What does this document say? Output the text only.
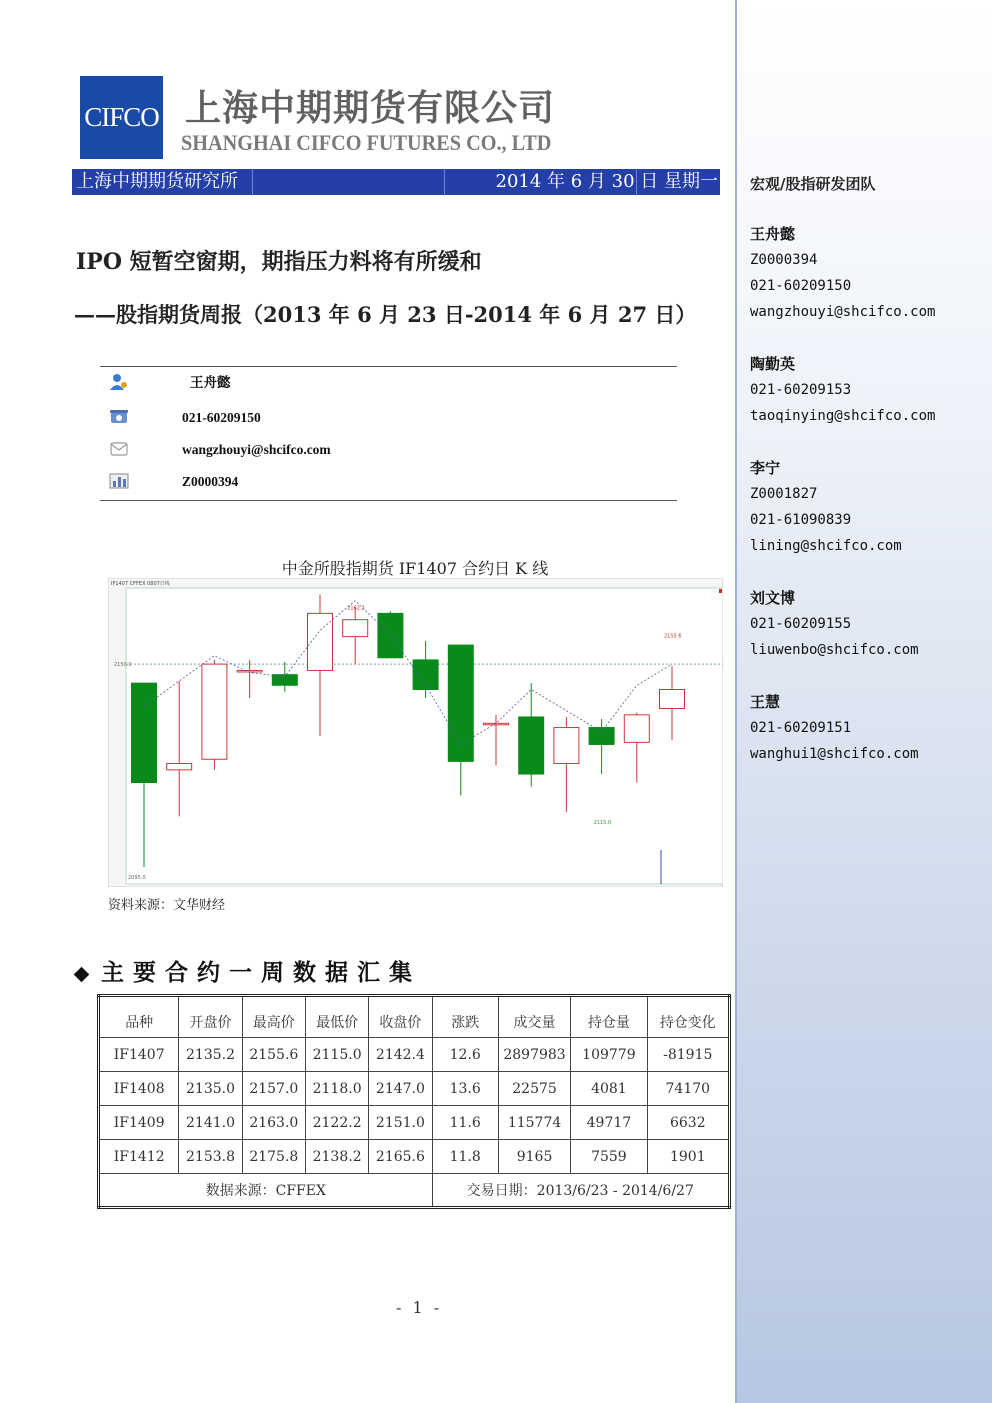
宏观/股指研发团队
王舟懿
Z0000394
021-60209150
wangzhouyi@shcifco.com
陶勤英
021-60209153
taoqinying@shcifco.com
李宁
Z0001827
021-61090839
lining@shcifco.com
刘文博
021-60209155
liuwenbo@shcifco.com
王慧
021-60209151
wanghui1@shcifco.com
CIFCO 上海中期期货有限公司
SHANGHAI CIFCO FUTURES CO., LTD
上海中期期货研究所	2014 年 6 月 30 日 星期一
IPO 短暂空窗期，期指压力料将有所缓和
——股指期货周报（2013 年 6 月 23 日-2014 年 6 月 27 日）
王舟懿
021-60209150
wangzhouyi@shcifco.com
Z0000394
中金所股指期货 IF1407 合约日 K 线
IF1407 CFFEX 0807日线
2150.0
2095.0
2162.2
2155.6
2115.0
资料来源：文华财经
主要合约一周数据汇集
品种	开盘价	最高价	最低价	收盘价	涨跌	成交量	持仓量	持仓变化
IF1407	2135.2	2155.6	2115.0	2142.4	12.6	2897983	109779	-81915
IF1408	2135.0	2157.0	2118.0	2147.0	13.6	22575	4081	74170
IF1409	2141.0	2163.0	2122.2	2151.0	11.6	115774	49717	6632
IF1412	2153.8	2175.8	2138.2	2165.6	11.8	9165	7559	1901
数据来源：CFFEX					交易日期：2013/6/23 - 2014/6/27			
- 1 -
